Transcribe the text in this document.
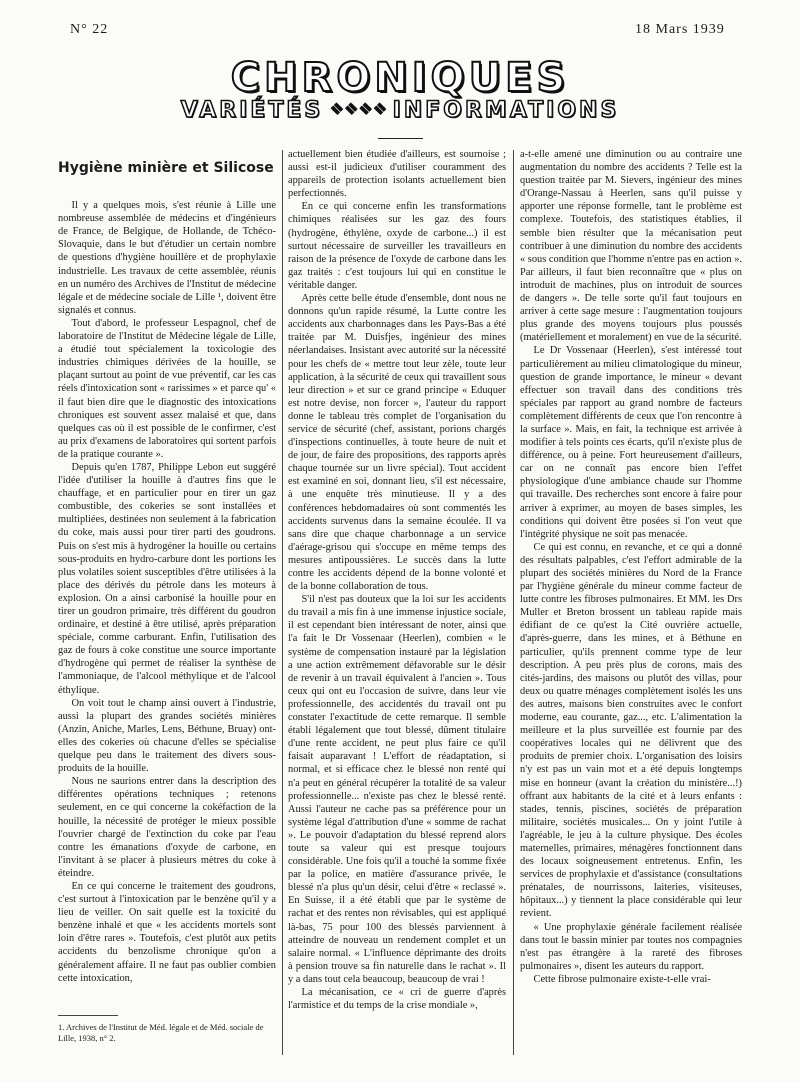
N° 22	18 Mars 1939
CHRONIQUES
VARIÉTÉS ❖❖❖❖ INFORMATIONS
Hygiène minière et Silicose

Il y a quelques mois, s'est réunie à Lille une nombreuse assemblée de médecins et d'ingénieurs de France, de Belgique, de Hollande, de Tchéco-Slovaquie, dans le but d'étudier un certain nombre de questions d'hygiène houillère et de prophylaxie industrielle. Les travaux de cette assemblée, réunis en un numéro des Archives de l'Institut de médecine légale et de médecine sociale de Lille ¹, doivent être signalés et connus.

Tout d'abord, le professeur Lespagnol, chef de laboratoire de l'Institut de Médecine légale de Lille, a étudié tout spécialement la toxicologie des industries chimiques dérivées de la houille, se plaçant surtout au point de vue préventif, car les cas réels d'intoxication sont « rarissimes » et parce qu' « il faut bien dire que le diagnostic des intoxications chroniques est souvent assez malaisé et que, dans quelques cas où il est possible de le confirmer, c'est au prix d'examens de laboratoires qui sortent parfois de la pratique courante ».

Depuis qu'en 1787, Philippe Lebon eut suggéré l'idée d'utiliser la houille à d'autres fins que le chauffage, et en particulier pour en tirer un gaz combustible, des cokeries se sont installées et multipliées, destinées non seulement à la fabrication du coke, mais aussi pour tirer parti des goudrons. Puis on s'est mis à hydrogéner la houille ou certains sous-produits en hydro-carbure dont les portions les plus volatiles soient susceptibles d'être utilisées à la place des dérivés du pétrole dans les moteurs à explosion. On a ainsi carbonisé la houille pour en tirer un goudron primaire, très différent du goudron ordinaire, et destiné à être utilisé, après préparation spéciale, comme carburant. Enfin, l'utilisation des gaz de fours à coke constitue une source importante d'hydrogène qui permet de réaliser la synthèse de l'ammoniaque, de l'alcool méthylique et de l'alcool éthylique.

On voit tout le champ ainsi ouvert à l'industrie, aussi la plupart des grandes sociétés minières (Anzin, Aniche, Marles, Lens, Béthune, Bruay) ont-elles des cokeries où chacune d'elles se spécialise quelque peu dans le traitement des divers sous-produits de la houille.

Nous ne saurions entrer dans la description des différentes opérations techniques ; retenons seulement, en ce qui concerne la cokéfaction de la houille, la nécessité de protéger le mieux possible l'ouvrier chargé de l'extinction du coke par l'eau contre les émanations d'oxyde de carbone, en l'invitant à se placer à plusieurs mètres du coke à éteindre.

En ce qui concerne le traitement des goudrons, c'est surtout à l'intoxication par le benzène qu'il y a lieu de veiller. On sait quelle est la toxicité du benzène inhalé et que « les accidents mortels sont loin d'être rares ». Toutefois, c'est plutôt aux petits accidents du benzolisme chronique qu'on a généralement affaire. Il ne faut pas oublier combien cette intoxication,

actuellement bien étudiée d'ailleurs, est sournoise ; aussi est-il judicieux d'utiliser couramment des appareils de protection isolants actuellement bien perfectionnés.

En ce qui concerne enfin les transformations chimiques réalisées sur les gaz des fours (hydrogène, éthylène, oxyde de carbone...) il est surtout nécessaire de surveiller les travailleurs en raison de la présence de l'oxyde de carbone dans les gaz traités : c'est toujours lui qui en constitue le véritable danger.

Après cette belle étude d'ensemble, dont nous ne donnons qu'un rapide résumé, la Lutte contre les accidents aux charbonnages dans les Pays-Bas a été traitée par M. Duisfjes, ingénieur des mines néerlandaises. Insistant avec autorité sur la nécessité pour les chefs de « mettre tout leur zèle, toute leur application, à la sécurité de ceux qui travaillent sous leur direction » et sur ce grand principe « Eduquer est notre devise, non forcer », l'auteur du rapport donne le tableau très complet de l'organisation du service de sécurité (chef, assistant, porions chargés d'inspections continuelles, à toute heure de nuit et de jour, de faire des propositions, des rapports après chaque tournée sur un livre spécial). Tout accident est examiné en soi, donnant lieu, s'il est nécessaire, à une enquête très minutieuse. Il y a des conférences hebdomadaires où sont commentés les accidents survenus dans la semaine écoulée. Il va sans dire que chaque charbonnage a un service d'aérage-grisou qui s'occupe en même temps des mesures antipoussières. Le succès dans la lutte contre les accidents dépend de la bonne volonté et de la bonne collaboration de tous.

S'il n'est pas douteux que la loi sur les accidents du travail a mis fin à une immense injustice sociale, il est cependant bien intéressant de noter, ainsi que l'a fait le Dr Vossenaar (Heerlen), combien « le système de compensation instauré par la législation a une action extrêmement défavorable sur le désir de revenir à un travail équivalent à l'ancien ». Tous ceux qui ont eu l'occasion de suivre, dans leur vie professionnelle, des accidentés du travail ont pu constater l'exactitude de cette remarque. Il semble établi légalement que tout blessé, dûment titulaire d'une rente accident, ne peut plus faire ce qu'il faisait auparavant ! L'effort de réadaptation, si normal, et si efficace chez le blessé non renté qui n'a peut en général récupérer la totalité de sa valeur professionnelle... n'existe pas chez le blessé renté. Aussi l'auteur ne cache pas sa préférence pour un système légal d'attribution d'une « somme de rachat ». Le pouvoir d'adaptation du blessé reprend alors toute sa valeur qui est presque toujours considérable. Une fois qu'il a touché la somme fixée par la police, en matière d'assurance privée, le blessé n'a plus qu'un désir, celui d'être « reclassé ». En Suisse, il a été établi que par le système de rachat et des rentes non révisables, qui est appliqué là-bas, 75 pour 100 des blessés parviennent à atteindre de nouveau un rendement complet et un salaire normal. « L'influence déprimante des droits à pension trouve sa fin naturelle dans le rachat ». Il y a dans tout cela beaucoup, beaucoup de vrai !

La mécanisation, ce « cri de guerre d'après l'armistice et du temps de la crise mondiale »,

a-t-elle amené une diminution ou au contraire une augmentation du nombre des accidents ? Telle est la question traitée par M. Sievers, ingénieur des mines d'Orange-Nassau à Heerlen, sans qu'il puisse y apporter une réponse formelle, tant le problème est complexe. Toutefois, des statistiques établies, il semble bien résulter que la mécanisation peut contribuer à une diminution du nombre des accidents « sous condition que l'homme n'entre pas en action ». Par ailleurs, il faut bien reconnaître que « plus on introduit de machines, plus on introduit de sources de dangers ». De telle sorte qu'il faut toujours en arriver à cette sage mesure : l'augmentation toujours plus grande des moyens toujours plus poussés (matériellement et moralement) en vue de la sécurité.

Le Dr Vossenaar (Heerlen), s'est intéressé tout particulièrement au milieu climatologique du mineur, question de grande importance, le mineur « devant effectuer son travail dans des conditions très spéciales par rapport au grand nombre de facteurs complètement différents de ceux que l'on rencontre à la surface ». Mais, en fait, la technique est arrivée à modifier à tels points ces écarts, qu'il n'existe plus de différence, ou à peine. Fort heureusement d'ailleurs, car on ne connaît pas encore bien l'effet physiologique d'une ambiance chaude sur l'homme qui travaille. Des recherches sont encore à faire pour arriver à exprimer, au moyen de bases simples, les conditions qui doivent être posées si l'on veut que l'intégrité physique ne soit pas menacée.

Ce qui est connu, en revanche, et ce qui a donné des résultats palpables, c'est l'effort admirable de la plupart des sociétés minières du Nord de la France par l'hygiène générale du mineur comme facteur de lutte contre les fibroses pulmonaires. Et MM. les Drs Muller et Breton brossent un tableau rapide mais édifiant de ce qu'est la Cité ouvrière actuelle, d'après-guerre, dans les mines, et à Béthune en particulier, qu'ils prennent comme type de leur description. A peu près plus de corons, mais des cités-jardins, des maisons ou plutôt des villas, pour deux ou quatre ménages complètement isolés les uns des autres, maisons bien construites avec le confort moderne, eau courante, gaz..., etc. L'alimentation la meilleure et la plus surveillée est fournie par des coopératives locales qui ne délivrent que des produits de premier choix. L'organisation des loisirs n'y est pas un vain mot et a été depuis longtemps mise en honneur (avant la création du ministère...!) offrant aux habitants de la cité et à leurs enfants : stades, tennis, piscines, sociétés de préparation militaire, sociétés musicales... On y joint l'utile à l'agréable, le jeu à la culture physique. Des écoles maternelles, primaires, ménagères fonctionnent dans des locaux soigneusement entretenus. Enfin, les services de prophylaxie et d'assistance (consultations prénatales, de nourrissons, laiteries, visiteuses, hôpitaux...) y tiennent la place considérable qui leur revient.

« Une prophylaxie générale facilement réalisée dans tout le bassin minier par toutes nos compagnies n'est pas étrangère à la rareté des fibroses pulmonaires », disent les auteurs du rapport.

Cette fibrose pulmonaire existe-t-elle vrai-

1. Archives de l'Institut de Méd. légale et de Méd. sociale de Lille, 1938, n° 2.
